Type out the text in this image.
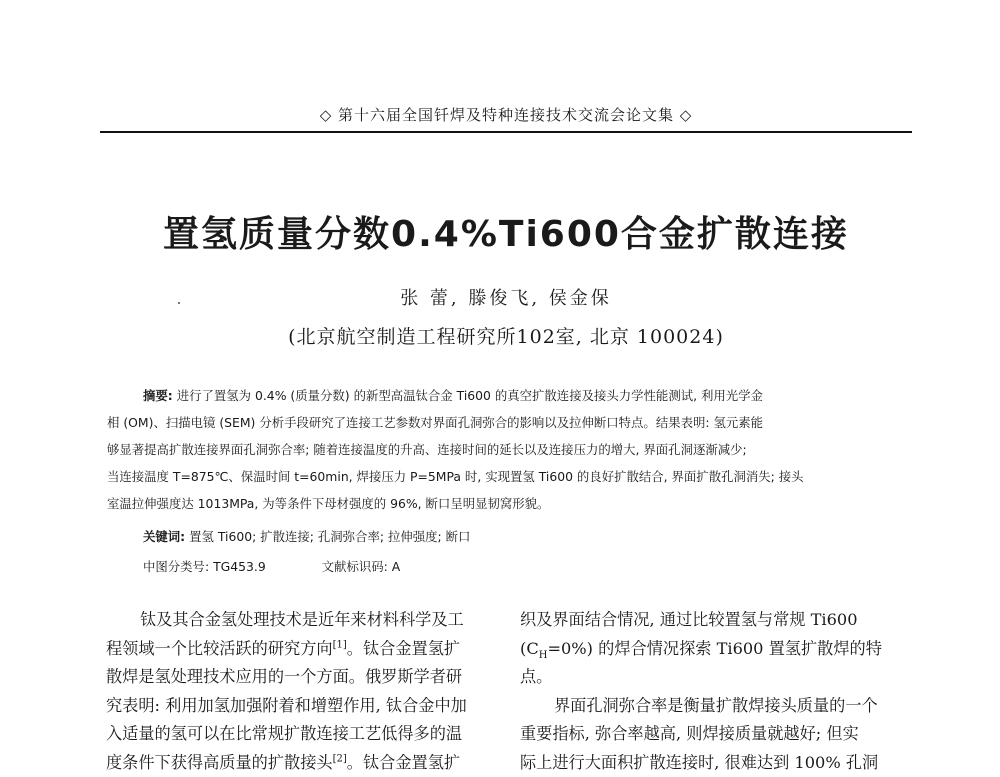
◇ 第十六届全国钎焊及特种连接技术交流会论文集 ◇
置氢质量分数0.4%Ti600合金扩散连接
张 蕾, 滕俊飞, 侯金保
(北京航空制造工程研究所102室, 北京 100024)
摘要: 进行了置氢为 0.4% (质量分数) 的新型高温钛合金 Ti600 的真空扩散连接及接头力学性能测试, 利用光学金
相 (OM)、扫描电镜 (SEM) 分析手段研究了连接工艺参数对界面孔洞弥合的影响以及拉伸断口特点。结果表明: 氢元素能
够显著提高扩散连接界面孔洞弥合率; 随着连接温度的升高、连接时间的延长以及连接压力的增大, 界面孔洞逐渐减少;
当连接温度 T=875℃、保温时间 t=60min, 焊接压力 P=5MPa 时, 实现置氢 Ti600 的良好扩散结合, 界面扩散孔洞消失; 接头
室温拉伸强度达 1013MPa, 为等条件下母材强度的 96%, 断口呈明显韧窝形貌。
关键词: 置氢 Ti600; 扩散连接; 孔洞弥合率; 拉伸强度; 断口
中图分类号: TG453.9	文献标识码: A
钛及其合金氢处理技术是近年来材料科学及工
程领域一个比较活跃的研究方向[1]。钛合金置氢扩
散焊是氢处理技术应用的一个方面。俄罗斯学者研
究表明: 利用加氢加强附着和增塑作用, 钛合金中加
入适量的氢可以在比常规扩散连接工艺低得多的温
度条件下获得高质量的扩散接头[2]。钛合金置氢扩
织及界面结合情况, 通过比较置氢与常规 Ti600
$(C_H=0\%)$ 的焊合情况探索 Ti600 置氢扩散焊的特
点。
界面孔洞弥合率是衡量扩散焊接头质量的一个
重要指标, 弥合率越高, 则焊接质量就越好; 但实
际上进行大面积扩散连接时, 很难达到 100% 孔洞
